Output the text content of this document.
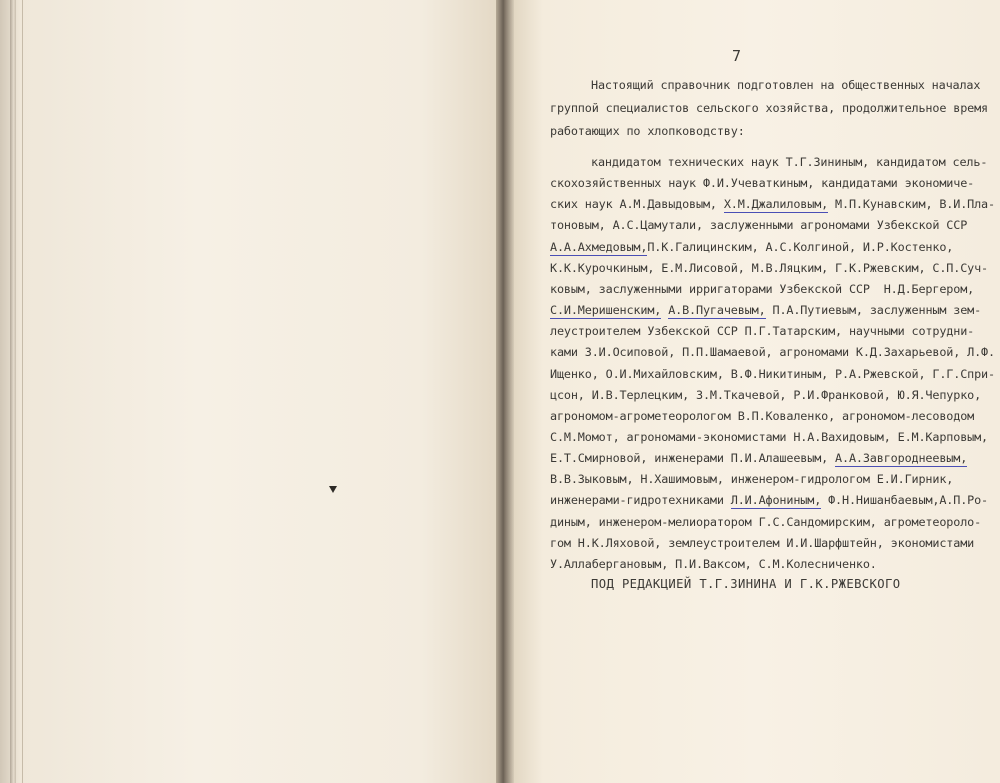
7
Настоящий справочник подготовлен на общественных началах
группой специалистов сельского хозяйства, продолжительное время
работающих по хлопководству:
кандидатом технических наук Т.Г.Зининым, кандидатом сель-
скохозяйственных наук Ф.И.Учеваткиным, кандидатами экономиче-
ских наук А.М.Давыдовым, Х.М.Джалиловым, М.П.Кунавским, В.И.Пла-
тоновым, А.С.Цамутали, заслуженными агрономами Узбекской ССР
А.А.Ахмедовым,П.К.Галицинским, А.С.Колгиной, И.Р.Костенко,
К.К.Курочкиным, Е.М.Лисовой, М.В.Ляцким, Г.К.Ржевским, С.П.Суч-
ковым, заслуженными ирригаторами Узбекской ССР  Н.Д.Бергером,
С.И.Меришенским, А.В.Пугачевым, П.А.Путиевым, заслуженным зем-
леустроителем Узбекской ССР П.Г.Татарским, научными сотрудни-
ками З.И.Осиповой, П.П.Шамаевой, агрономами К.Д.Захарьевой, Л.Ф.
Ищенко, О.И.Михайловским, В.Ф.Никитиным, Р.А.Ржевской, Г.Г.Спри-
цсон, И.В.Терлецким, З.М.Ткачевой, Р.И.Франковой, Ю.Я.Чепурко,
агрономом-агрометеорологом В.П.Коваленко, агрономом-лесоводом
С.М.Момот, агрономами-экономистами Н.А.Вахидовым, Е.М.Карповым,
Е.Т.Смирновой, инженерами П.И.Алашеевым, А.А.Завгороднеевым,
В.В.Зыковым, Н.Хашимовым, инженером-гидрологом Е.И.Гирник,
инженерами-гидротехниками Л.И.Афониным, Ф.Н.Нишанбаевым,А.П.Ро-
диным, инженером-мелиоратором Г.С.Сандомирским, агрометеороло-
гом Н.К.Ляховой, землеустроителем И.И.Шарфштейн, экономистами
У.Аллабергановым, П.И.Ваксом, С.М.Колесниченко.
ПОД РЕДАКЦИЕЙ Т.Г.ЗИНИНА И Г.К.РЖЕВСКОГО
